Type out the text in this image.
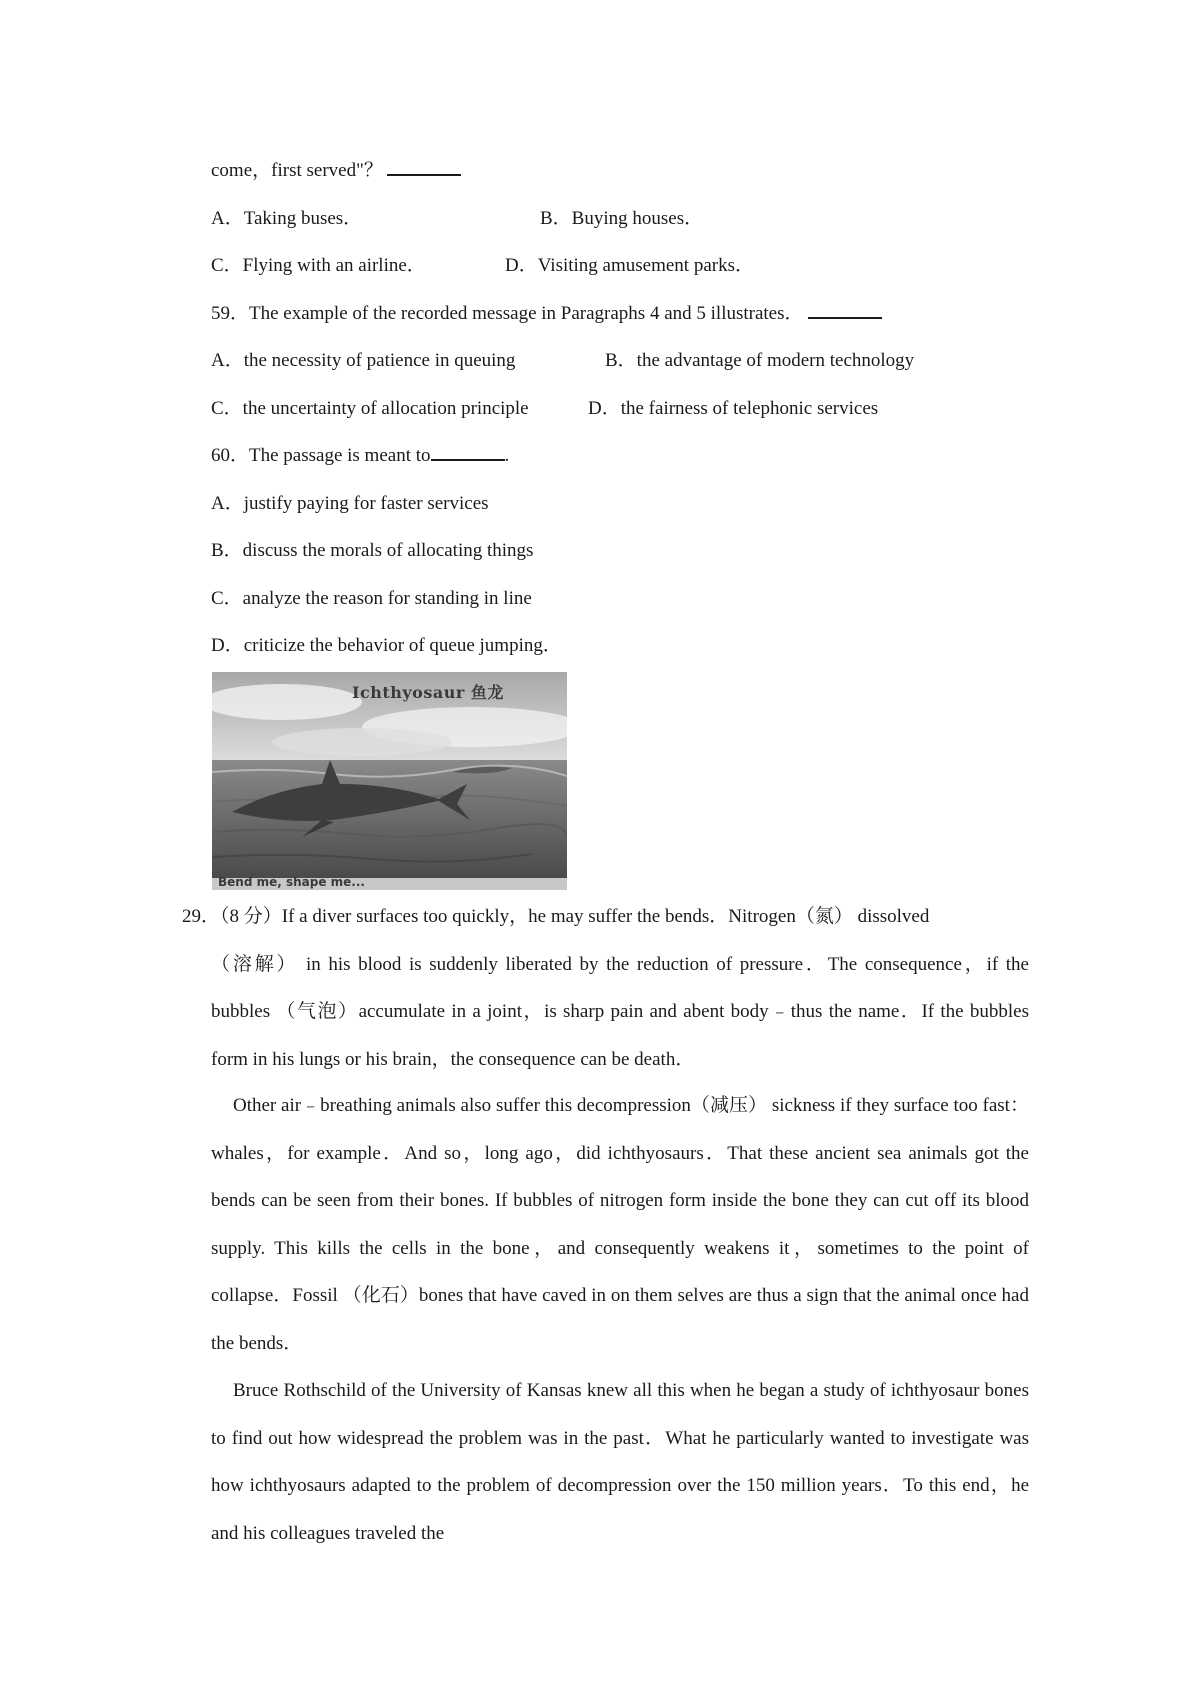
come，first served"？
A．Taking buses．	B．Buying houses．
C．Flying with an airline．	D．Visiting amusement parks．
59．The example of the recorded message in Paragraphs 4 and 5 illustrates．
A．the necessity of patience in queuing	B．the advantage of modern technology
C．the uncertainty of allocation principle	D．the fairness of telephonic services
60．The passage is meant to	.
A．justify paying for faster services
B．discuss the morals of allocating things
C．analyze the reason for standing in line
D．criticize the behavior of queue jumping．
Ichthyosaur 鱼龙
Bend me, shape me...
29．（8 分）If a diver surfaces too quickly，he may suffer the bends．Nitrogen（氮） dissolved
（溶解） in his blood is suddenly liberated by the reduction of pressure．The consequence，if the bubbles （气泡）accumulate in a joint，is sharp pain and abent body﹣thus the name．If the bubbles form in his lungs or his brain，the consequence can be death．
Other air﹣breathing animals also suffer this decompression（减压） sickness if they surface too fast：whales，for example．And so，long ago，did ichthyosaurs．That these ancient sea animals got the bends can be seen from their bones. If bubbles of nitrogen form inside the bone they can cut off its blood supply. This kills the cells in the bone，and consequently weakens it，sometimes to the point of collapse．Fossil （化石）bones that have caved in on them selves are thus a sign that the animal once had the bends．
Bruce Rothschild of the University of Kansas knew all this when he began a study of ichthyosaur bones to find out how widespread the problem was in the past．What he particularly wanted to investigate was how ichthyosaurs adapted to the problem of decompression over the 150 million years．To this end，he and his colleagues traveled the
